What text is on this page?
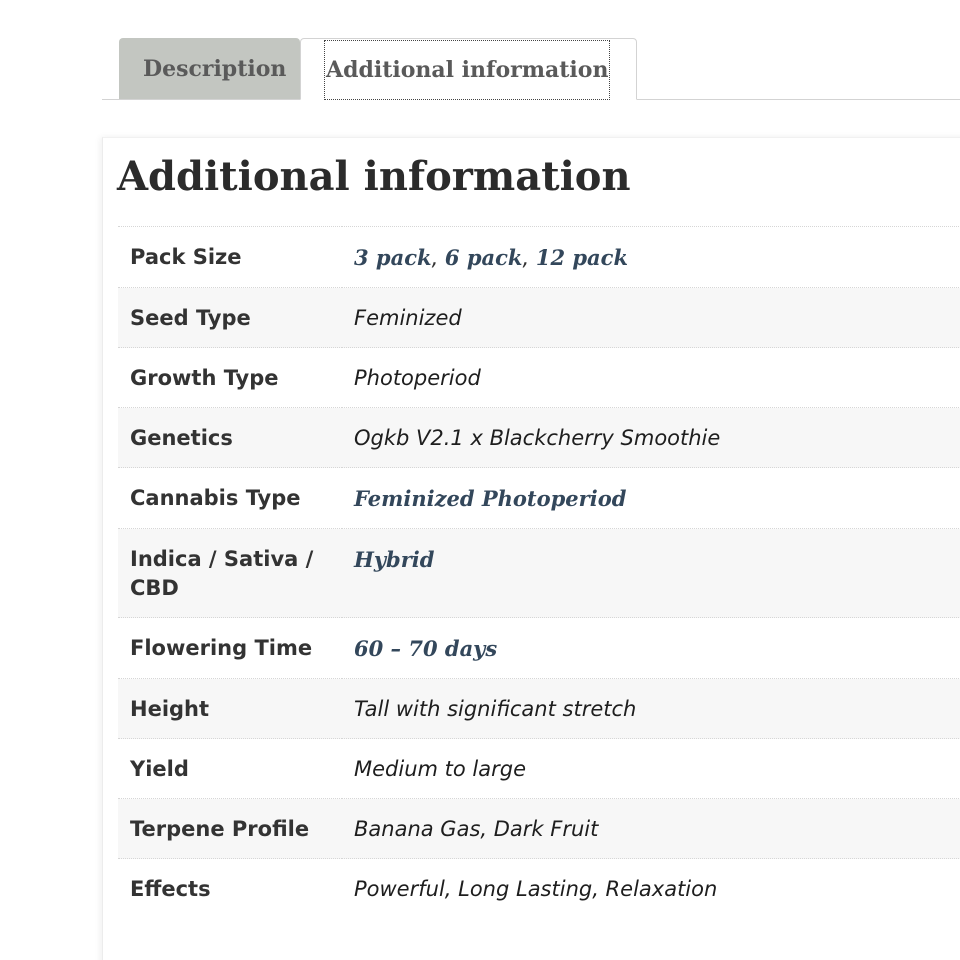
Description	Additional information
Additional information
Pack Size	3 pack, 6 pack, 12 pack
Seed Type	Feminized
Growth Type	Photoperiod
Genetics	Ogkb V2.1 x Blackcherry Smoothie
Cannabis Type	Feminized Photoperiod
Indica / Sativa / CBD	Hybrid
Flowering Time	60 – 70 days
Height	Tall with significant stretch
Yield	Medium to large
Terpene Profile	Banana Gas, Dark Fruit
Effects	Powerful, Long Lasting, Relaxation
